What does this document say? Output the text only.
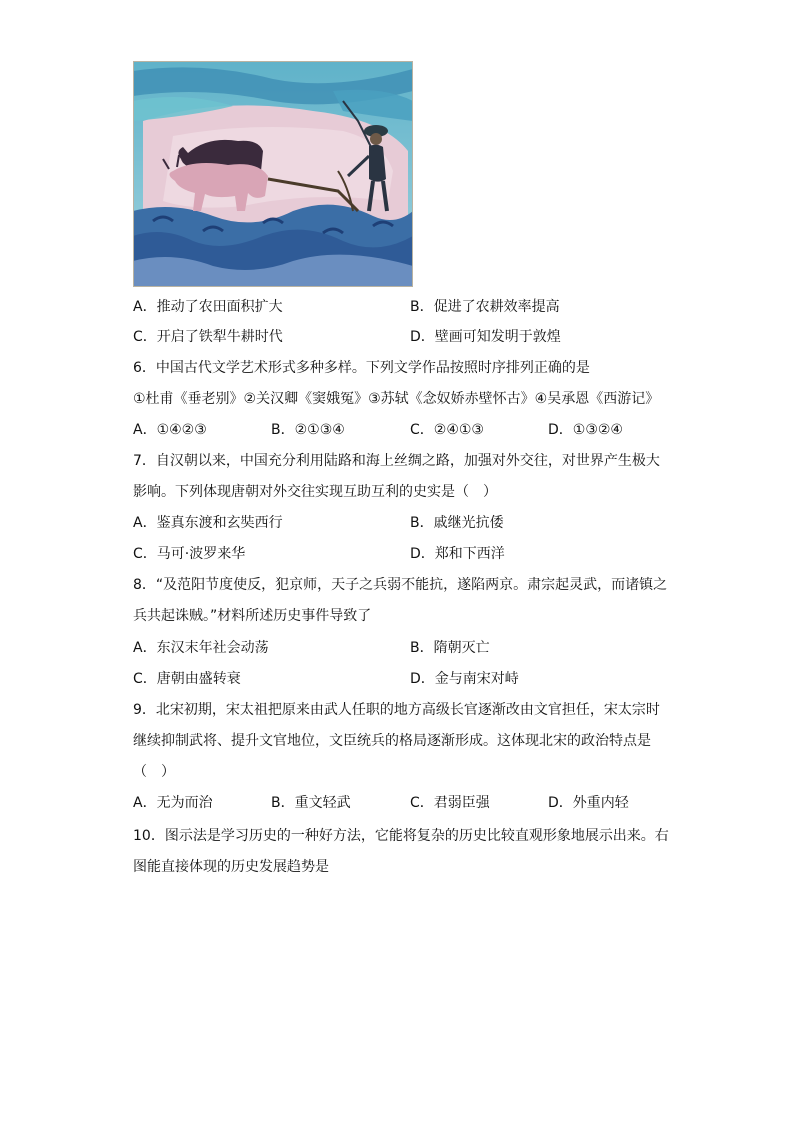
A．推动了农田面积扩大	B．促进了农耕效率提高
C．开启了铁犁牛耕时代	D．壁画可知发明于敦煌
6．中国古代文学艺术形式多种多样。下列文学作品按照时序排列正确的是
①杜甫《垂老别》②关汉卿《窦娥冤》③苏轼《念奴娇赤壁怀古》④吴承恩《西游记》
A．①④②③	B．②①③④	C．②④①③	D．①③②④
7．自汉朝以来，中国充分利用陆路和海上丝绸之路，加强对外交往，对世界产生极大
影响。下列体现唐朝对外交往实现互助互利的史实是（　）
A．鉴真东渡和玄奘西行	B．戚继光抗倭
C．马可·波罗来华	D．郑和下西洋
8．“及范阳节度使反，犯京师，天子之兵弱不能抗，遂陷两京。肃宗起灵武，而诸镇之
兵共起诛贼。”材料所述历史事件导致了
A．东汉末年社会动荡	B．隋朝灭亡
C．唐朝由盛转衰	D．金与南宋对峙
9．北宋初期，宋太祖把原来由武人任职的地方高级长官逐渐改由文官担任，宋太宗时
继续抑制武将、提升文官地位，文臣统兵的格局逐渐形成。这体现北宋的政治特点是
（　）
A．无为而治	B．重文轻武	C．君弱臣强	D．外重内轻
10．图示法是学习历史的一种好方法，它能将复杂的历史比较直观形象地展示出来。右
图能直接体现的历史发展趋势是
